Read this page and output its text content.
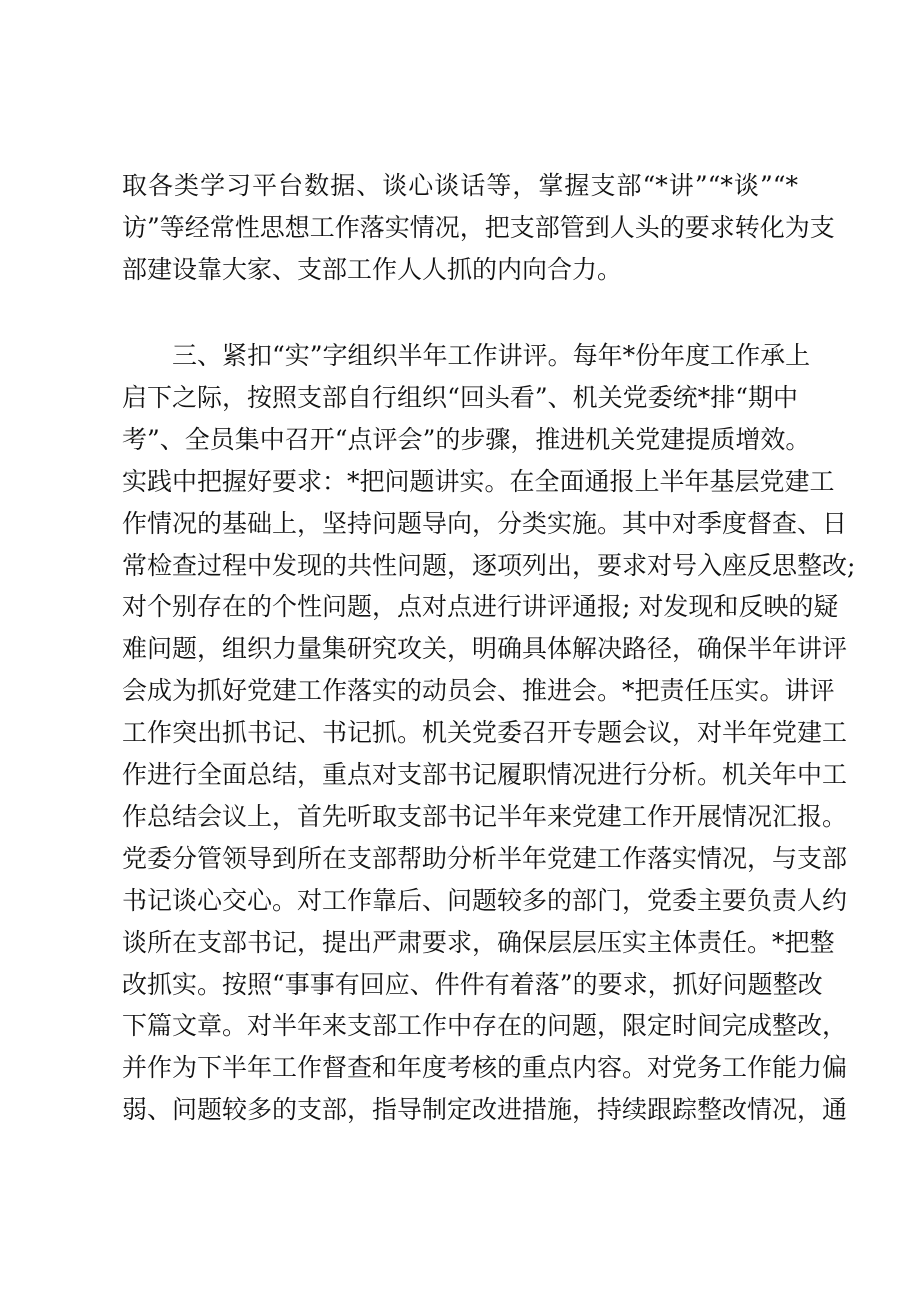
取各类学习平台数据、谈心谈话等，掌握支部“*讲”“*谈”“*
访”等经常性思想工作落实情况，把支部管到人头的要求转化为支
部建设靠大家、支部工作人人抓的内向合力。
三、紧扣“实”字组织半年工作讲评。每年*份年度工作承上
启下之际，按照支部自行组织“回头看”、机关党委统*排“期中
考”、全员集中召开“点评会”的步骤，推进机关党建提质增效。
实践中把握好要求：*把问题讲实。在全面通报上半年基层党建工
作情况的基础上，坚持问题导向，分类实施。其中对季度督查、日
常检查过程中发现的共性问题，逐项列出，要求对号入座反思整改;
对个别存在的个性问题，点对点进行讲评通报; 对发现和反映的疑
难问题，组织力量集研究攻关，明确具体解决路径，确保半年讲评
会成为抓好党建工作落实的动员会、推进会。*把责任压实。讲评
工作突出抓书记、书记抓。机关党委召开专题会议，对半年党建工
作进行全面总结，重点对支部书记履职情况进行分析。机关年中工
作总结会议上，首先听取支部书记半年来党建工作开展情况汇报。
党委分管领导到所在支部帮助分析半年党建工作落实情况，与支部
书记谈心交心。对工作靠后、问题较多的部门，党委主要负责人约
谈所在支部书记，提出严肃要求，确保层层压实主体责任。*把整
改抓实。按照“事事有回应、件件有着落”的要求，抓好问题整改
下篇文章。对半年来支部工作中存在的问题，限定时间完成整改，
并作为下半年工作督查和年度考核的重点内容。对党务工作能力偏
弱、问题较多的支部，指导制定改进措施，持续跟踪整改情况，通
